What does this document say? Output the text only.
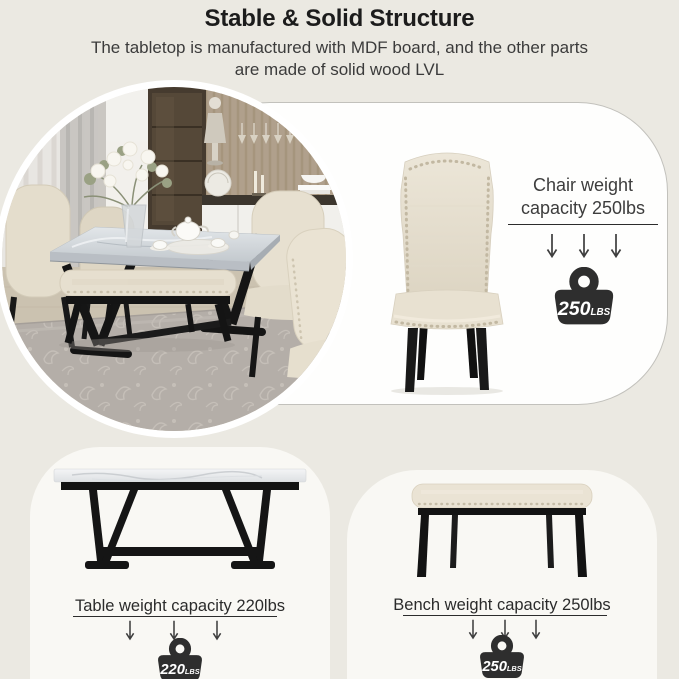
Stable & Solid Structure
The tabletop is manufactured with MDF board, and the other parts
are made of solid wood LVL
Chair weight
capacity 250lbs
250LBS
Table weight capacity 220lbs
220LBS
Bench weight capacity 250lbs
250LBS
